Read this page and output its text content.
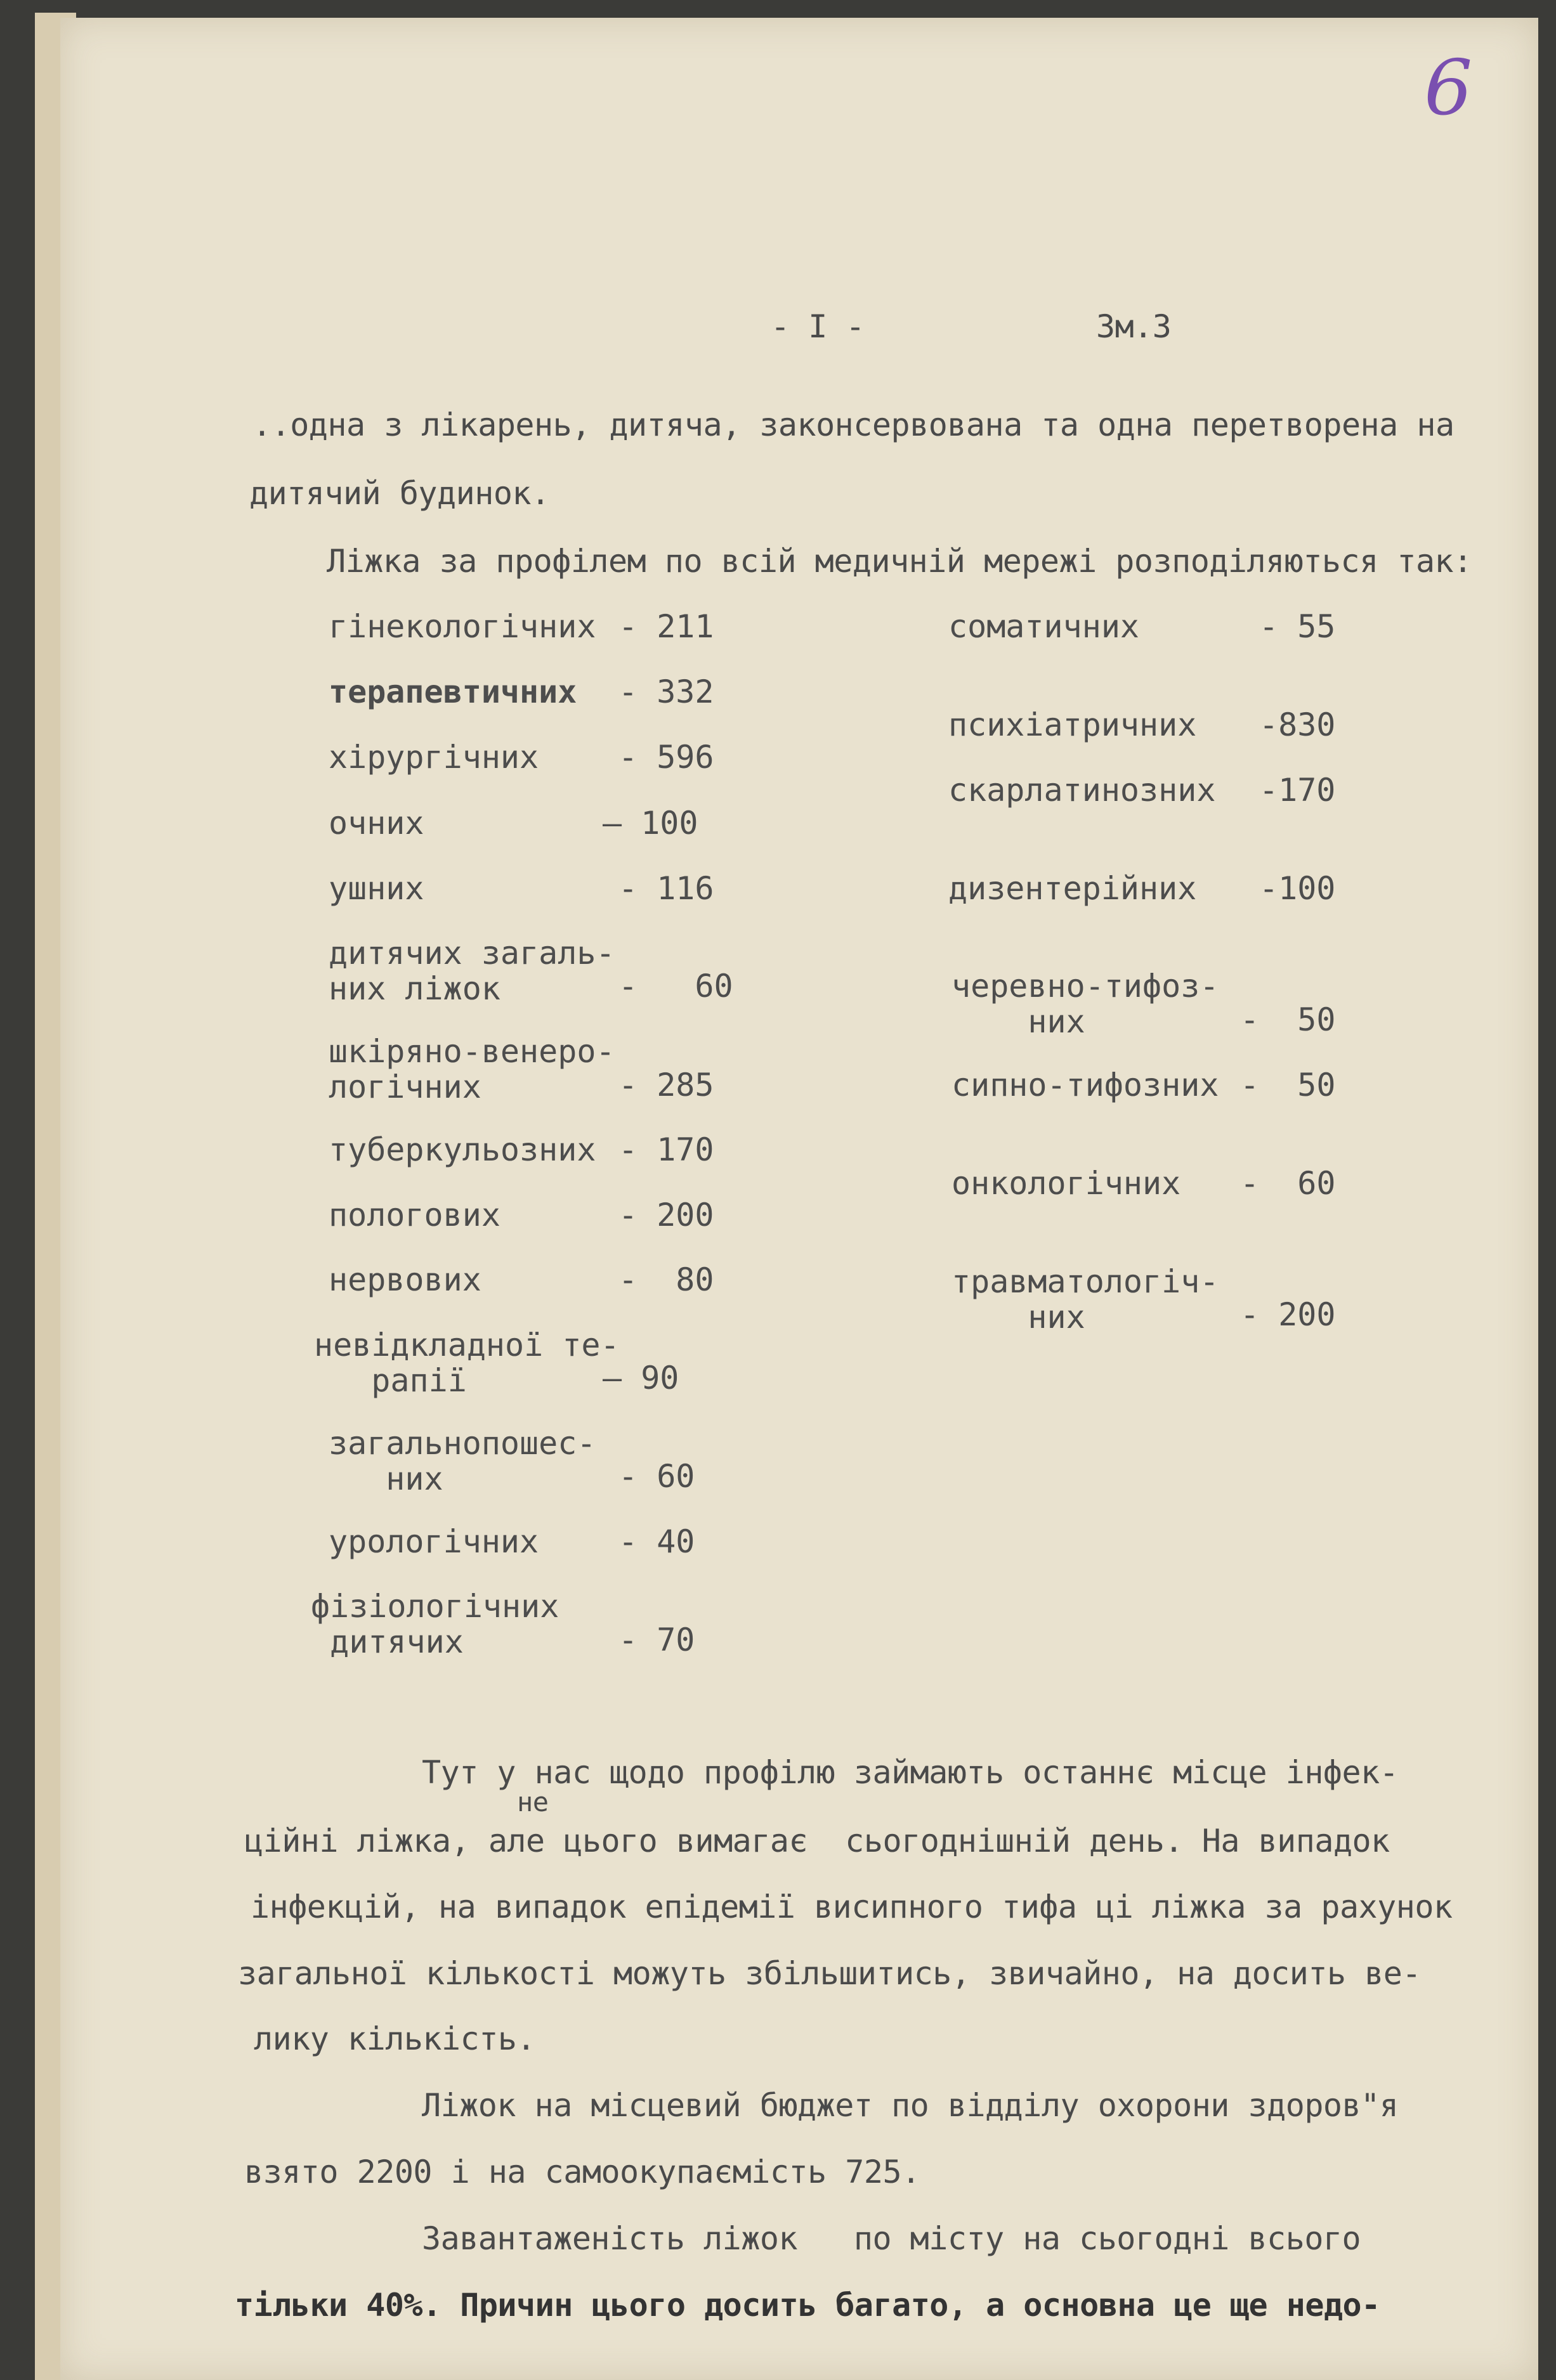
6
- I -	Зм.3
..одна з лікарень, дитяча, законсервована та одна перетворена на
дитячий будинок.
Ліжка за профілем по всій медичній мережі розподіляються так:
гінекологічних - 211
терапевтичних - 332
хірургічних	- 596
очних	— 100
ушних	- 116
дитячих загаль-
них ліжок	-   60
шкіряно-венеро-
логічних	- 285
туберкульозних - 170
пологових	- 200
нервових	-  80
невідкладної те-
рапії	— 90
загальнопошес-
них	- 60
урологічних	- 40
фізіологічних
дитячих	- 70
соматичних	- 55
психіатричних -830
скарлатинозних -170
дизентерійних -100
черевно-тифоз-
них	-  50
сипно-тифозних -  50
онкологічних -  60
травматологіч-
них	- 200
Тут у нас щодо профілю займають останнє місце інфек-
не
ційні ліжка, але цього вимагає  сьогоднішній день. На випадок
інфекцій, на випадок епідемії висипного тифа ці ліжка за рахунок
загальної кількості можуть збільшитись, звичайно, на досить ве-
лику кількість.
Ліжок на місцевий бюджет по відділу охорони здоров"я
взято 2200 і на самоокупаємість 725.
Завантаженість ліжок   по місту на сьогодні всього
тільки 40%. Причин цього досить багато, а основна це ще недо-
